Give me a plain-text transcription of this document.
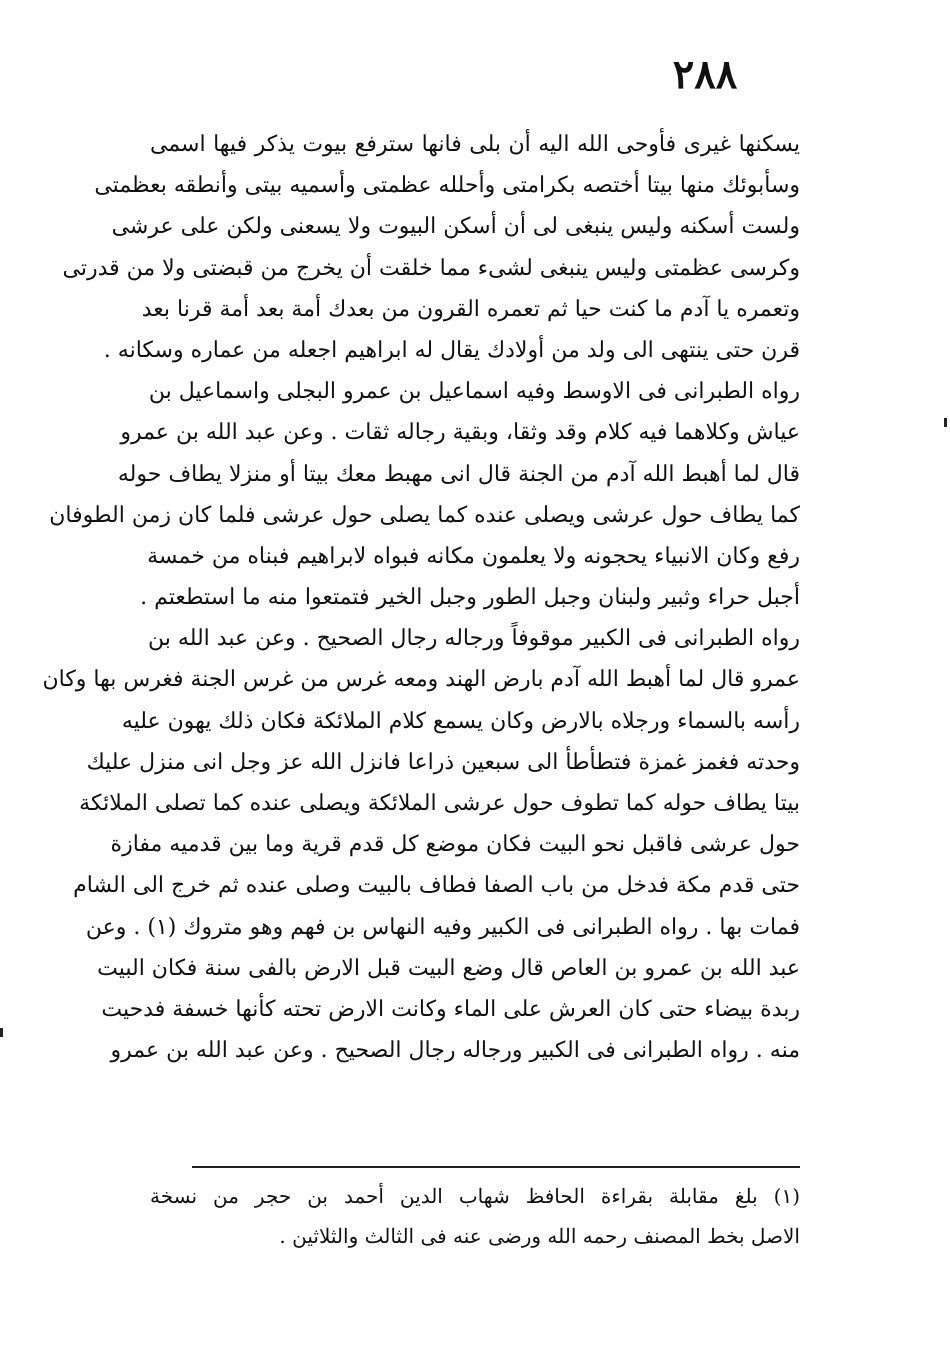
٢٨٨
يسكنها غيرى فأوحى الله اليه أن بلى فانها سترفع بيوت يذكر فيها اسمى
وسأبوئك منها بيتا أختصه بكرامتى وأحلله عظمتى وأسميه بيتى وأنطقه بعظمتى
ولست أسكنه وليس ينبغى لى أن أسكن البيوت ولا يسعنى ولكن على عرشى
وكرسى عظمتى وليس ينبغى لشىء مما خلقت أن يخرج من قبضتى ولا من قدرتى
وتعمره يا آدم ما كنت حيا ثم تعمره القرون من بعدك أمة بعد أمة قرنا بعد
قرن حتى ينتهى الى ولد من أولادك يقال له ابراهيم اجعله من عماره وسكانه .
رواه الطبرانى فى الاوسط وفيه اسماعيل بن عمرو البجلى واسماعيل بن
عياش وكلاهما فيه كلام وقد وثقا، وبقية رجاله ثقات . وعن عبد الله بن عمرو
قال لما أهبط الله آدم من الجنة قال انى مهبط معك بيتا أو منزلا يطاف حوله
كما يطاف حول عرشى ويصلى عنده كما يصلى حول عرشى فلما كان زمن الطوفان
رفع وكان الانبياء يحجونه ولا يعلمون مكانه فبواه لابراهيم فبناه من خمسة
أجبل حراء وثبير ولبنان وجبل الطور وجبل الخير فتمتعوا منه ما استطعتم .
رواه الطبرانى فى الكبير موقوفاً ورجاله رجال الصحيح . وعن عبد الله بن
عمرو قال لما أهبط الله آدم بارض الهند ومعه غرس من غرس الجنة فغرس بها وكان
رأسه بالسماء ورجلاه بالارض وكان يسمع كلام الملائكة فكان ذلك يهون عليه
وحدته فغمز غمزة فتطأطأ الى سبعين ذراعا فانزل الله عز وجل انى منزل عليك
بيتا يطاف حوله كما تطوف حول عرشى الملائكة ويصلى عنده كما تصلى الملائكة
حول عرشى فاقبل نحو البيت فكان موضع كل قدم قرية وما بين قدميه مفازة
حتى قدم مكة فدخل من باب الصفا فطاف بالبيت وصلى عنده ثم خرج الى الشام
فمات بها . رواه الطبرانى فى الكبير وفيه النهاس بن فهم وهو متروك (١) . وعن
عبد الله بن عمرو بن العاص قال وضع البيت قبل الارض بالفى سنة فكان البيت
ربدة بيضاء حتى كان العرش على الماء وكانت الارض تحته كأنها خسفة فدحيت
منه . رواه الطبرانى فى الكبير ورجاله رجال الصحيح . وعن عبد الله بن عمرو
(١) بلغ مقابلة بقراءة الحافظ شهاب الدين أحمد بن حجر من نسخة
الاصل بخط المصنف رحمه الله ورضى عنه فى الثالث والثلاثين .
